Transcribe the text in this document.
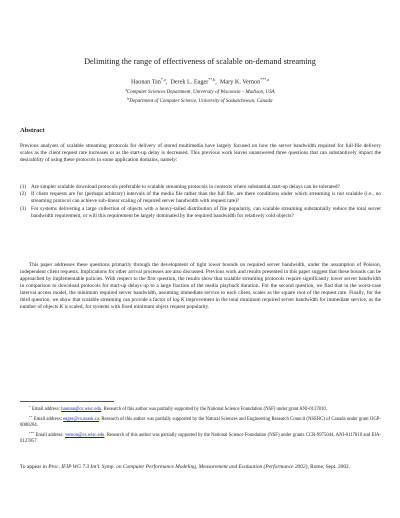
Delimiting the range of effectiveness of scalable on-demand streaming
Haonan Tan$^{*,a}$,  Derek L. Eager$^{**,b}$,  Mary K. Vernon$^{***,a}$
$^a$Computer Sciences Department, University of Wisconsin – Madison, USA
$^b$Department of Computer Science, University of Saskatchewan, Canada
Abstract
Previous analyses of scalable streaming protocols for delivery of stored multimedia have largely focused on how the server bandwidth required for full-file delivery scales as the client request rate increases or as the start-up delay is decreased. This previous work leaves unanswered three questions that can substantively impact the desirability of using these protocols in some application domains, namely:
(1) Are simpler scalable download protocols preferable to scalable streaming protocols in contexts where substantial start-up delays can be tolerated?
(2) If client requests are for (perhaps arbitrary) intervals of the media file rather than the full file, are there conditions under which streaming is not scalable (i.e., no streaming protocol can achieve sub-linear scaling of required server bandwidth with request rate)?
(3) For systems delivering a large collection of objects with a heavy-tailed distribution of file popularity, can scalable streaming substantially reduce the total server bandwidth requirement, or will this requirement be largely dominated by the required bandwidth for relatively cold objects?
This paper addresses these questions primarily through the development of tight lower bounds on required server bandwidth, under the assumption of Poisson, independent client requests. Implications for other arrival processes are also discussed. Previous work and results presented in this paper suggest that these bounds can be approached by implementable policies. With respect to the first question, the results show that scalable streaming protocols require significantly lower server bandwidth in comparison to download protocols for start-up delays up to a large fraction of the media playback duration. For the second question, we find that in the worst-case interval access model, the minimum required server bandwidth, assuming immediate service to each client, scales as the square root of the request rate. Finally, for the third question, we show that scalable streaming can provide a factor of log K improvement in the total minimum required server bandwidth for immediate service, as the number of objects K is scaled, for systems with fixed minimum object request popularity.
* Email address: haonan@cs.wisc.edu. Research of this author was partially supported by the National Science Foundation (NSF) under grant ANI-0117810.
** Email address: eager@cs.usask.ca. Research of this author was partially supported by the Natural Sciences and Engineering Research Council (NSERC) of Canada under grant OGP-0000264.
*** Email address: vernon@cs.wisc.edu. Research of this author was partially supported by the National Science Foundation (NSF) under grants CCR-9975044, ANI-0117810 and EIA-0127857.
To appear in Proc. IFIP WG 7.3 Int'l. Symp. on Computer Performance Modeling, Measurement and Evaluation (Performance 2002), Rome, Sept. 2002.
